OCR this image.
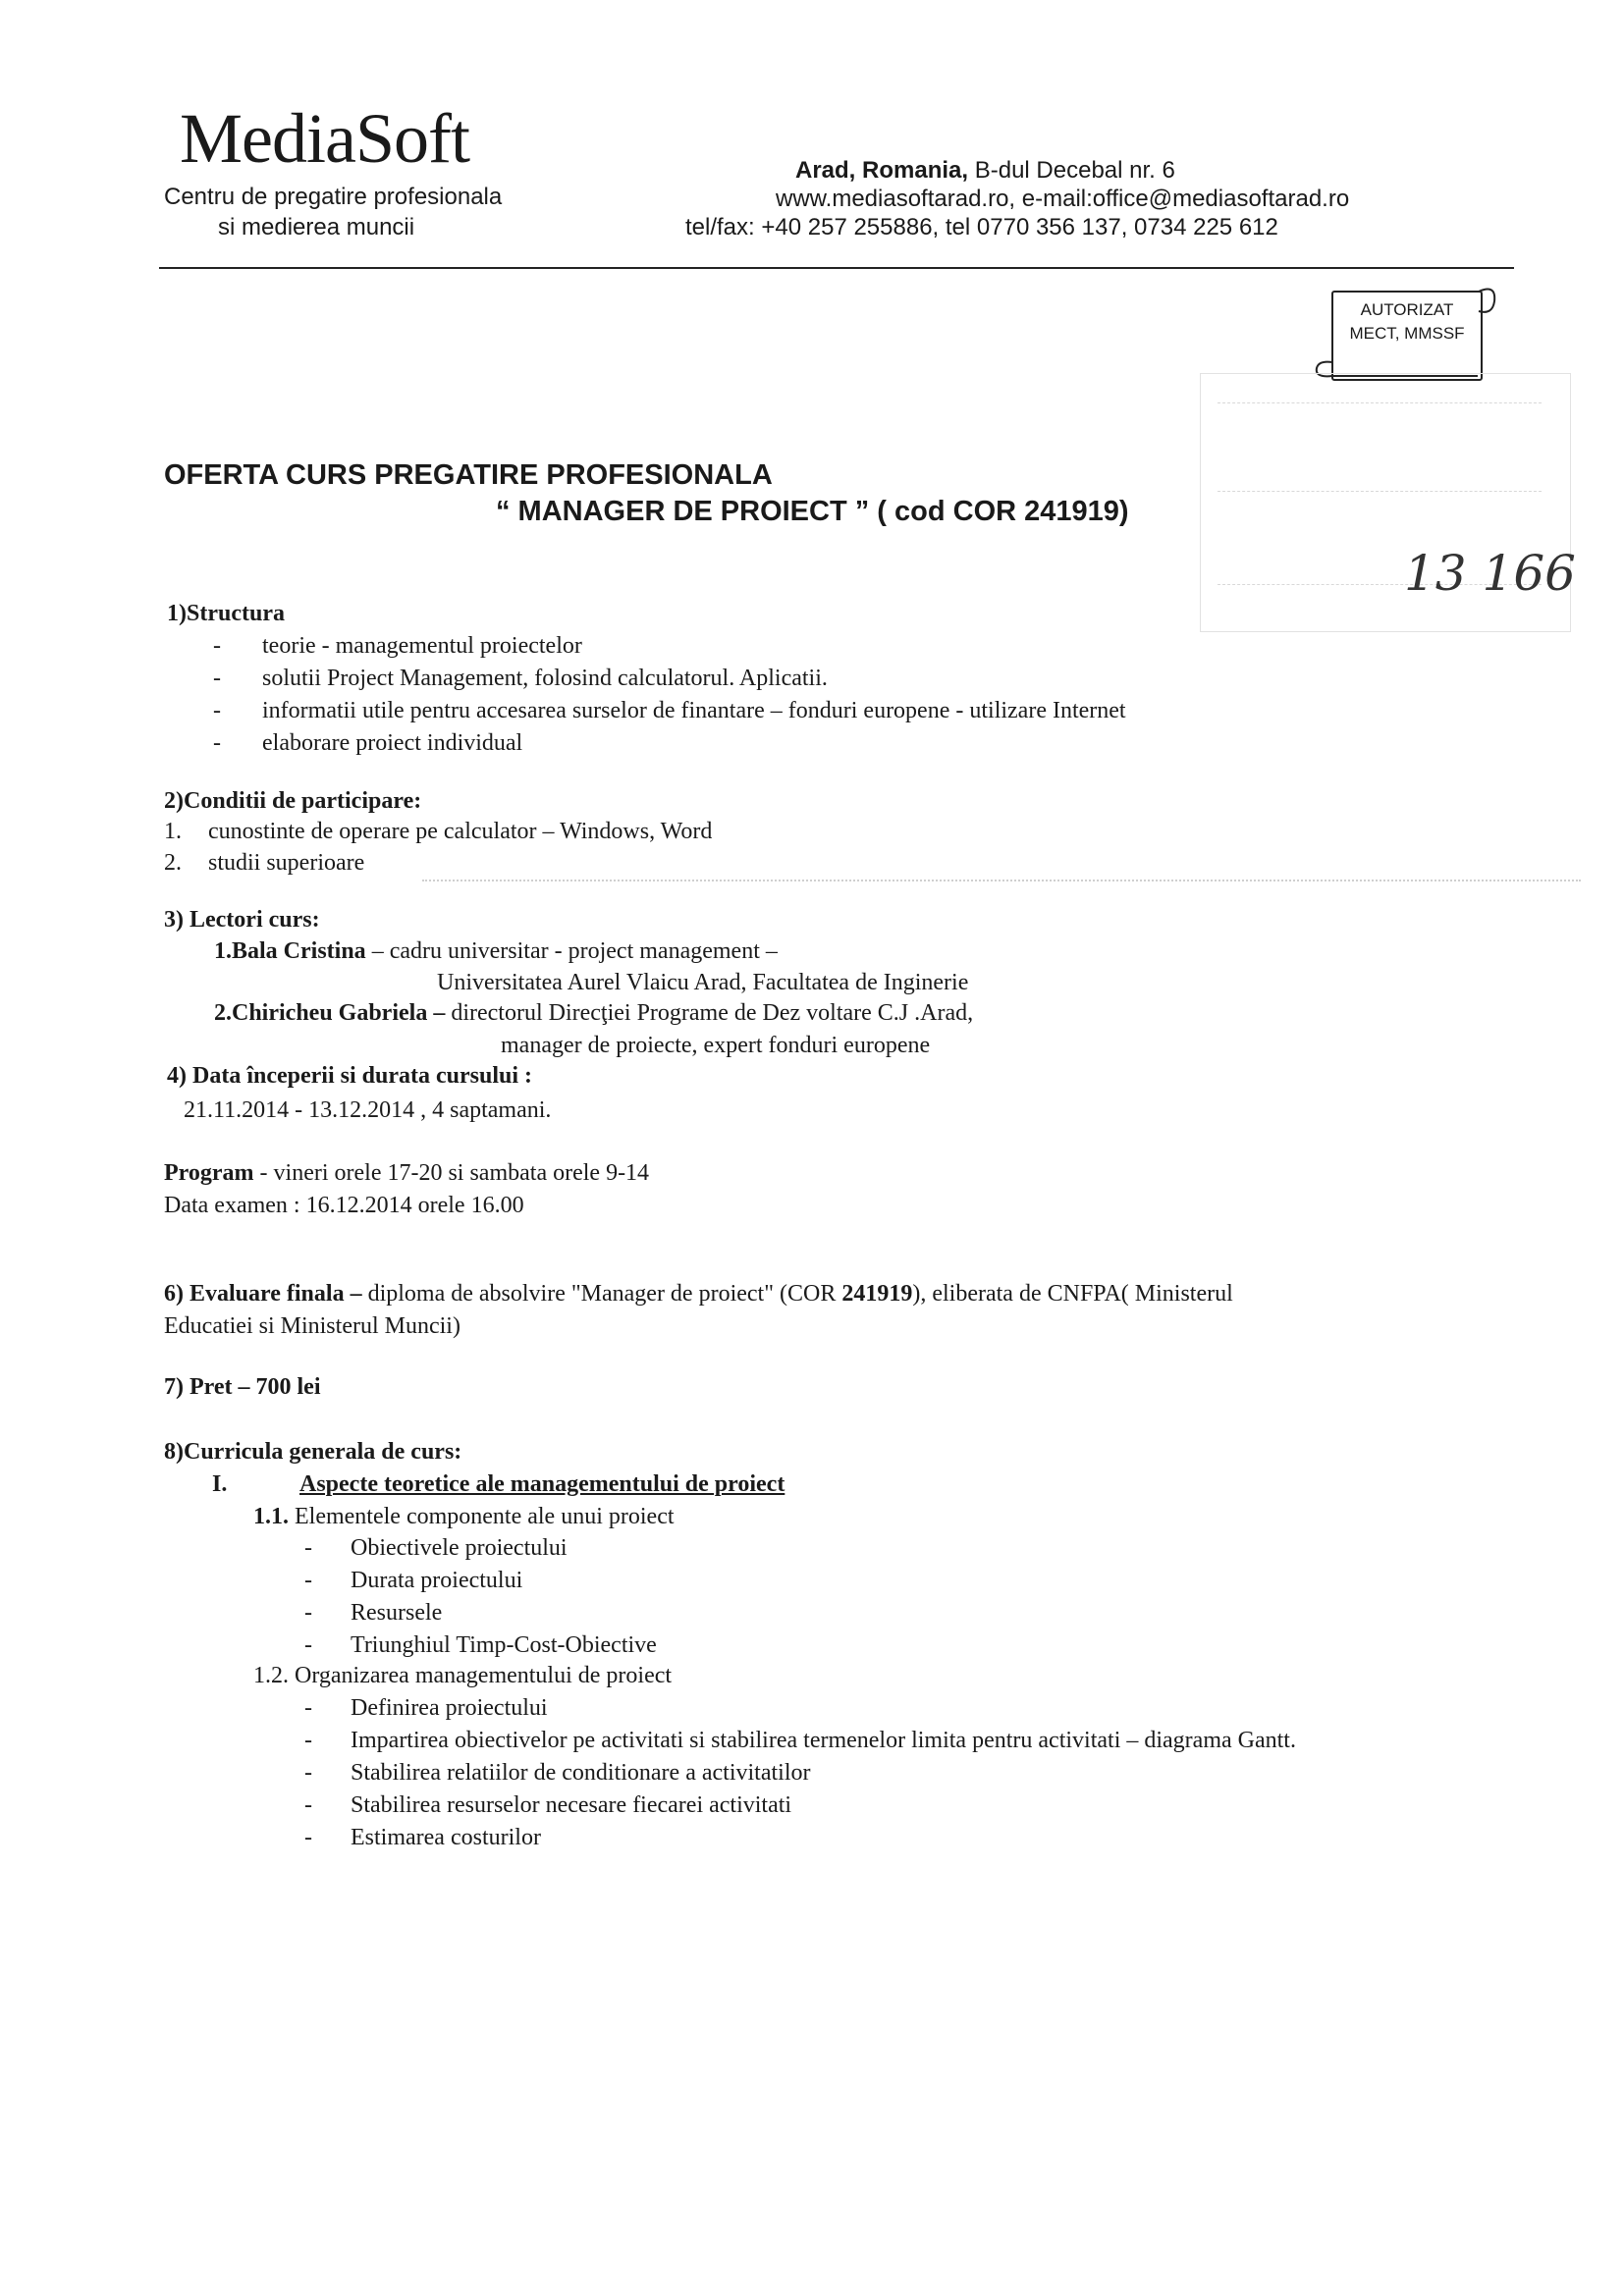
MediaSoft
Centru de pregatire profesionala
si medierea muncii
Arad, Romania, B-dul Decebal nr. 6
www.mediasoftarad.ro, e-mail:office@mediasoftarad.ro
tel/fax: +40 257 255886, tel 0770 356 137, 0734 225 612
AUTORIZAT
MECT, MMSSF
13 166
OFERTA CURS PREGATIRE PROFESIONALA
“ MANAGER DE PROIECT ” ( cod COR 241919)
1)Structura
- teorie - managementul proiectelor
- solutii Project Management, folosind calculatorul. Aplicatii.
- informatii utile pentru accesarea surselor de finantare – fonduri europene - utilizare Internet
- elaborare proiect individual
2)Conditii de participare:
1. cunostinte de operare pe calculator – Windows, Word
2. studii superioare
3) Lectori curs:
1.Bala Cristina – cadru universitar - project management –
Universitatea Aurel Vlaicu Arad, Facultatea de Inginerie
2.Chiricheu Gabriela – directorul Direcţiei Programe de Dez voltare C.J .Arad,
manager de proiecte, expert fonduri europene
4) Data începerii si durata cursului :
21.11.2014 - 13.12.2014 , 4 saptamani.
Program - vineri orele 17-20 si sambata orele 9-14
Data examen : 16.12.2014 orele 16.00
6) Evaluare finala – diploma de absolvire "Manager de proiect" (COR 241919), eliberata de CNFPA( Ministerul
Educatiei si Ministerul Muncii)
7) Pret – 700 lei
8)Curricula generala de curs:
I.	Aspecte teoretice ale managementului de proiect
1.1. Elementele componente ale unui proiect
- Obiectivele proiectului
- Durata proiectului
- Resursele
- Triunghiul Timp-Cost-Obiective
1.2. Organizarea managementului de proiect
- Definirea proiectului
- Impartirea obiectivelor pe activitati si stabilirea termenelor limita pentru activitati – diagrama Gantt.
- Stabilirea relatiilor de conditionare a activitatilor
- Stabilirea resurselor necesare fiecarei activitati
- Estimarea costurilor
